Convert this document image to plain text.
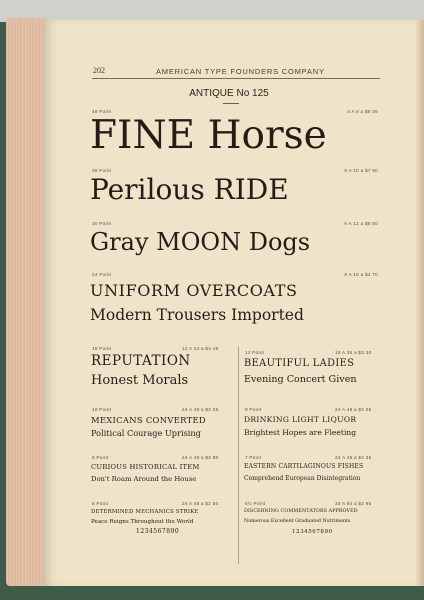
202	AMERICAN TYPE FOUNDERS COMPANY
ANTIQUE No 125
48 Point	4 A 8 a $9 35
FINE Horse
36 Point	5 A 10 a $7 90
Perilous RIDE
30 Point	6 A 12 a $5 80
Gray MOON Dogs
24 Point	8 A 16 a $4 70
UNIFORM OVERCOATS
Modern Trousers Imported
18 Point	12 A 24 a $4 45
REPUTATION
Honest Morals
10 Point	24 A 48 a $3 05
MEXICANS CONVERTED
Political Courage Uprising
8 Point	24 A 48 a $2 80
CURIOUS HISTORICAL ITEM
Don't Roam Around the House
6 Point	24 A 48 a $2 50
DETERMINED MECHANICS STRIKE
Peace Reigns Throughout the World
1234567890
12 Point	18 A 36 a $3 30
BEAUTIFUL LADIES
Evening Concert Given
9 Point	24 A 48 a $3 05
DRINKING LIGHT LIQUOR
Brightest Hopes are Fleeting
7 Point	24 A 48 a $2 35
EASTERN CARTILAGINOUS FISHES
Comprehend European Disintegration
5½ Point	33 A 64 a $2 95
DISCERNING COMMENTATORS APPROVED
Numerous Excellent Graduated Nutriments
1234567890
